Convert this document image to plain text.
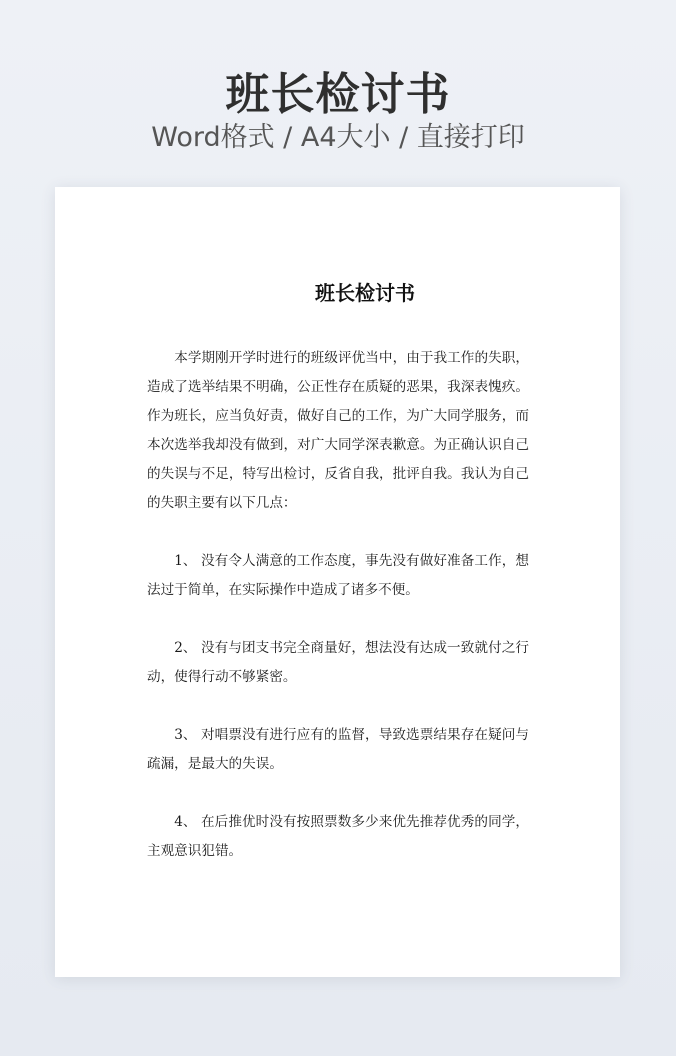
班长检讨书
Word格式 / A4大小 / 直接打印
班长检讨书

本学期刚开学时进行的班级评优当中，由于我工作的失职，造成了选举结果不明确，公正性存在质疑的恶果，我深表愧疚。作为班长，应当负好责，做好自己的工作，为广大同学服务，而本次选举我却没有做到，对广大同学深表歉意。为正确认识自己的失误与不足，特写出检讨，反省自我，批评自我。我认为自己的失职主要有以下几点：

1、 没有令人满意的工作态度，事先没有做好准备工作，想法过于简单，在实际操作中造成了诸多不便。

2、 没有与团支书完全商量好，想法没有达成一致就付之行动，使得行动不够紧密。

3、 对唱票没有进行应有的监督，导致选票结果存在疑问与疏漏，是最大的失误。

4、 在后推优时没有按照票数多少来优先推荐优秀的同学，主观意识犯错。
